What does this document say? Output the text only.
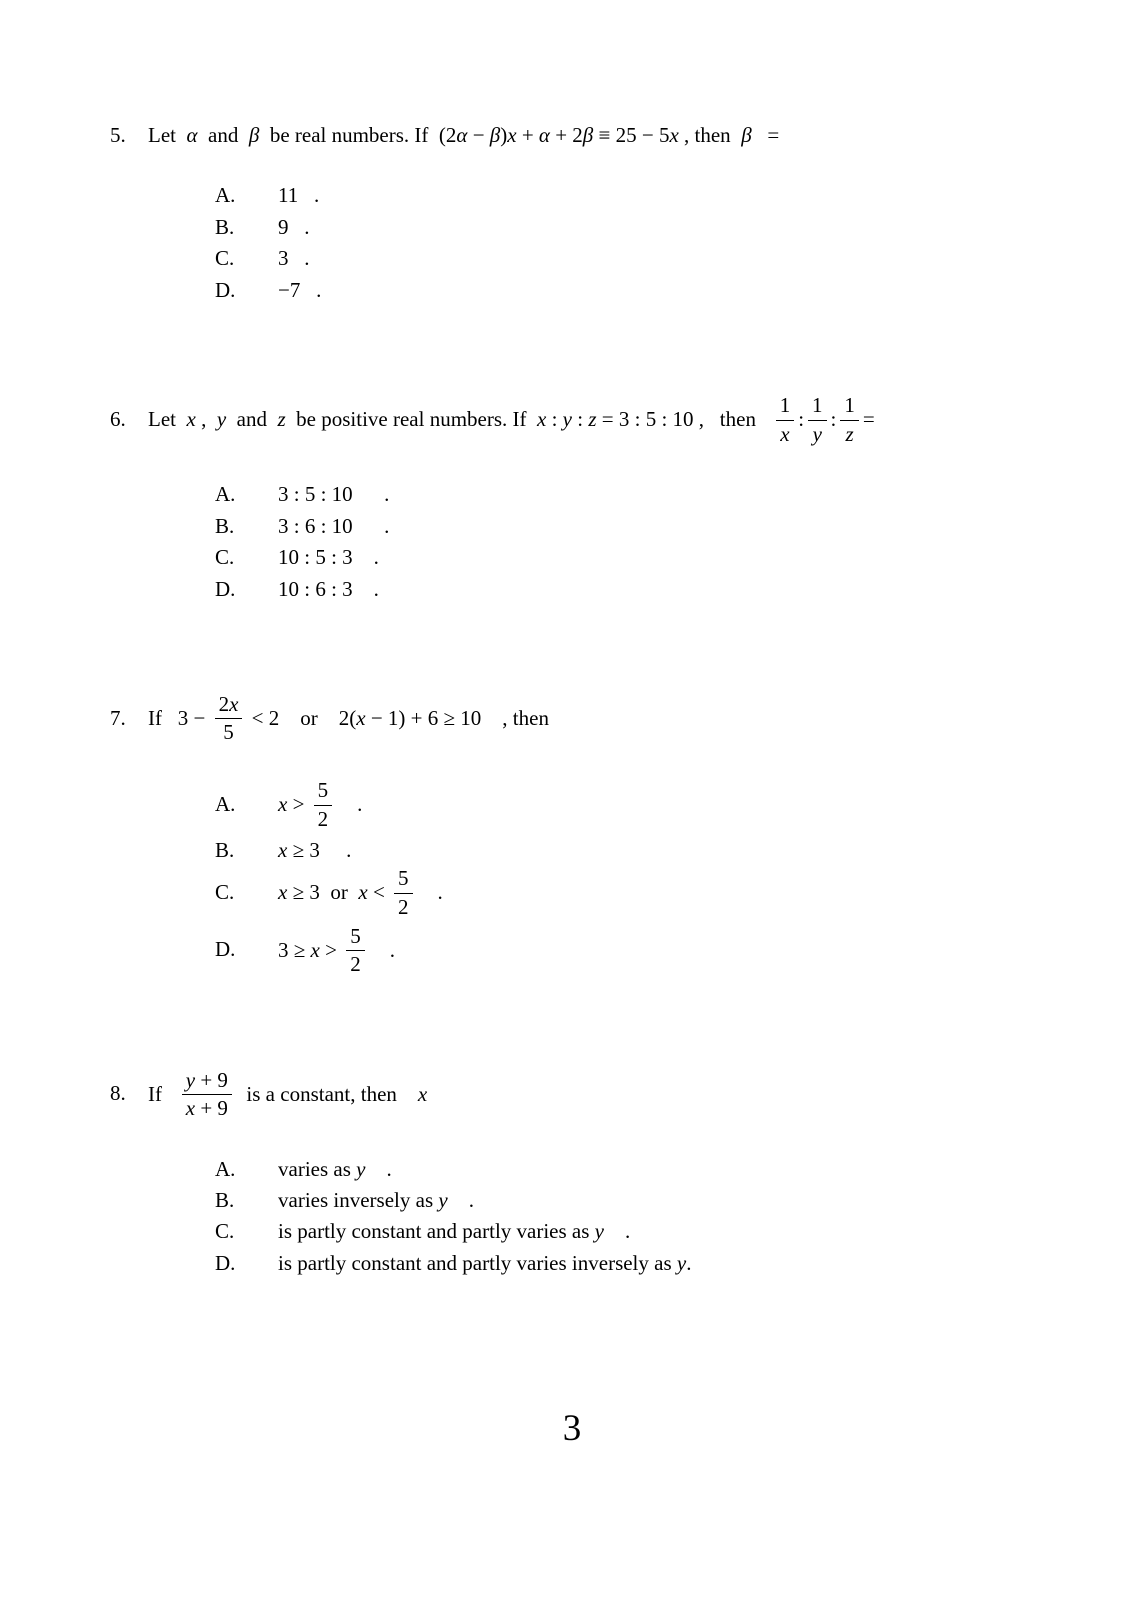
5.	Let  α  and  β  be real numbers. If  (2α − β)x + α + 2β ≡ 25 − 5x , then  β   =
A.	11   .
B.	9   .
C.	3   .
D.	−7   .
6.	Let  x ,  y  and  z  be positive real numbers. If  x : y : z = 3 : 5 : 10 ,   then $\frac{1}{x}$ : $\frac{1}{y}$ : $\frac{1}{z}$ =
A.	3 : 5 : 10      .
B.	3 : 6 : 10      .
C.	10 : 5 : 3    .
D.	10 : 6 : 3    .
7.	If   $3 - \frac{2x}{5} < 2$    or    2(x − 1) + 6 ≥ 10    , then
A.	$x > \frac{5}{2}$ .
B.	x ≥ 3     .
C.	x ≥ 3  or  $x < \frac{5}{2}$ .
D.	$3 \ge x > \frac{5}{2}$ .
8.	If $\frac{y + 9}{x + 9}$ is a constant, then    x
A.	varies as y    .
B.	varies inversely as y    .
C.	is partly constant and partly varies as y    .
D.	is partly constant and partly varies inversely as y.
3
